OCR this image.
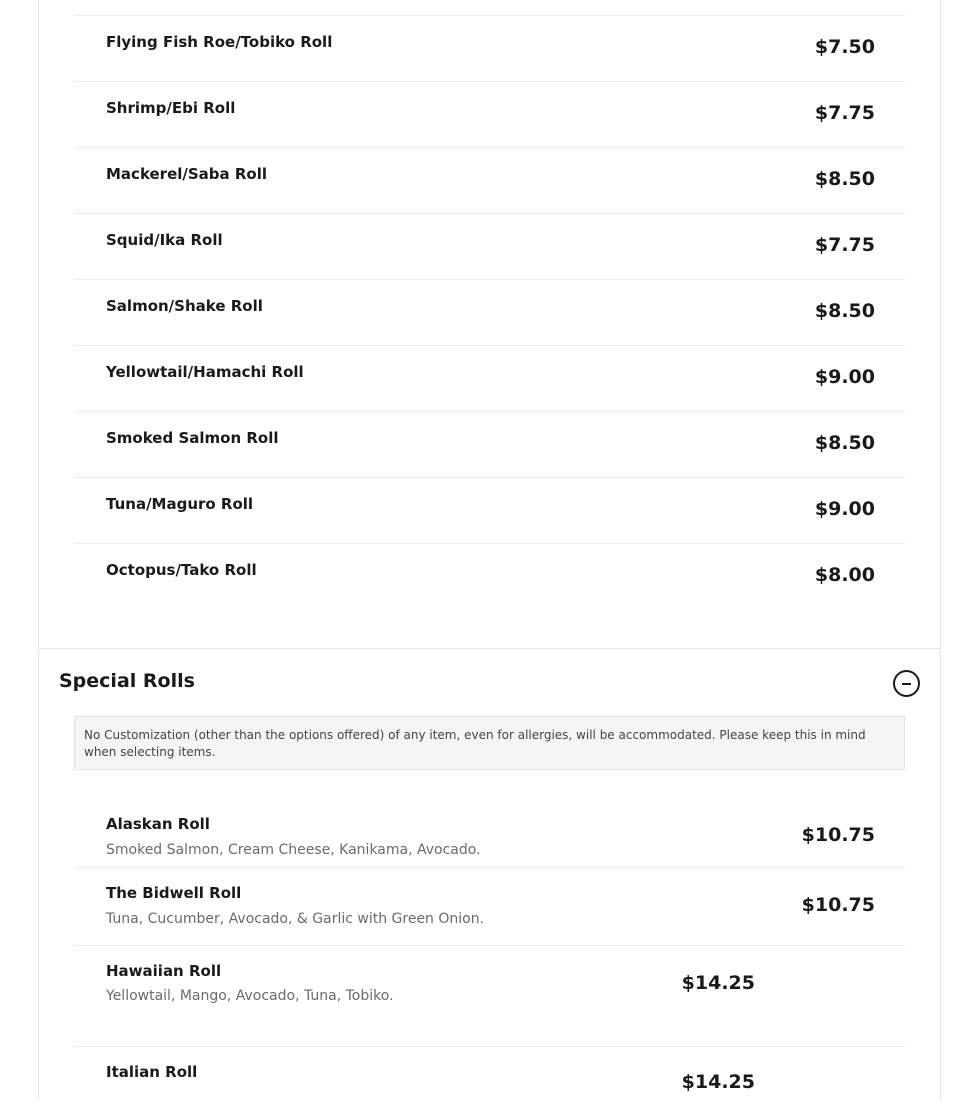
Flying Fish Roe/Tobiko Roll	$7.50
Shrimp/Ebi Roll	$7.75
Mackerel/Saba Roll	$8.50
Squid/Ika Roll	$7.75
Salmon/Shake Roll	$8.50
Yellowtail/Hamachi Roll	$9.00
Smoked Salmon Roll	$8.50
Tuna/Maguro Roll	$9.00
Octopus/Tako Roll	$8.00
Special Rolls
No Customization (other than the options offered) of any item, even for allergies, will be accommodated. Please keep this in mind when selecting items.
Alaskan Roll
Smoked Salmon, Cream Cheese, Kanikama, Avocado.
$10.75
The Bidwell Roll
Tuna, Cucumber, Avocado, & Garlic with Green Onion.
$10.75
Hawaiian Roll
Yellowtail, Mango, Avocado, Tuna, Tobiko.
$14.25
Italian Roll	$14.25
